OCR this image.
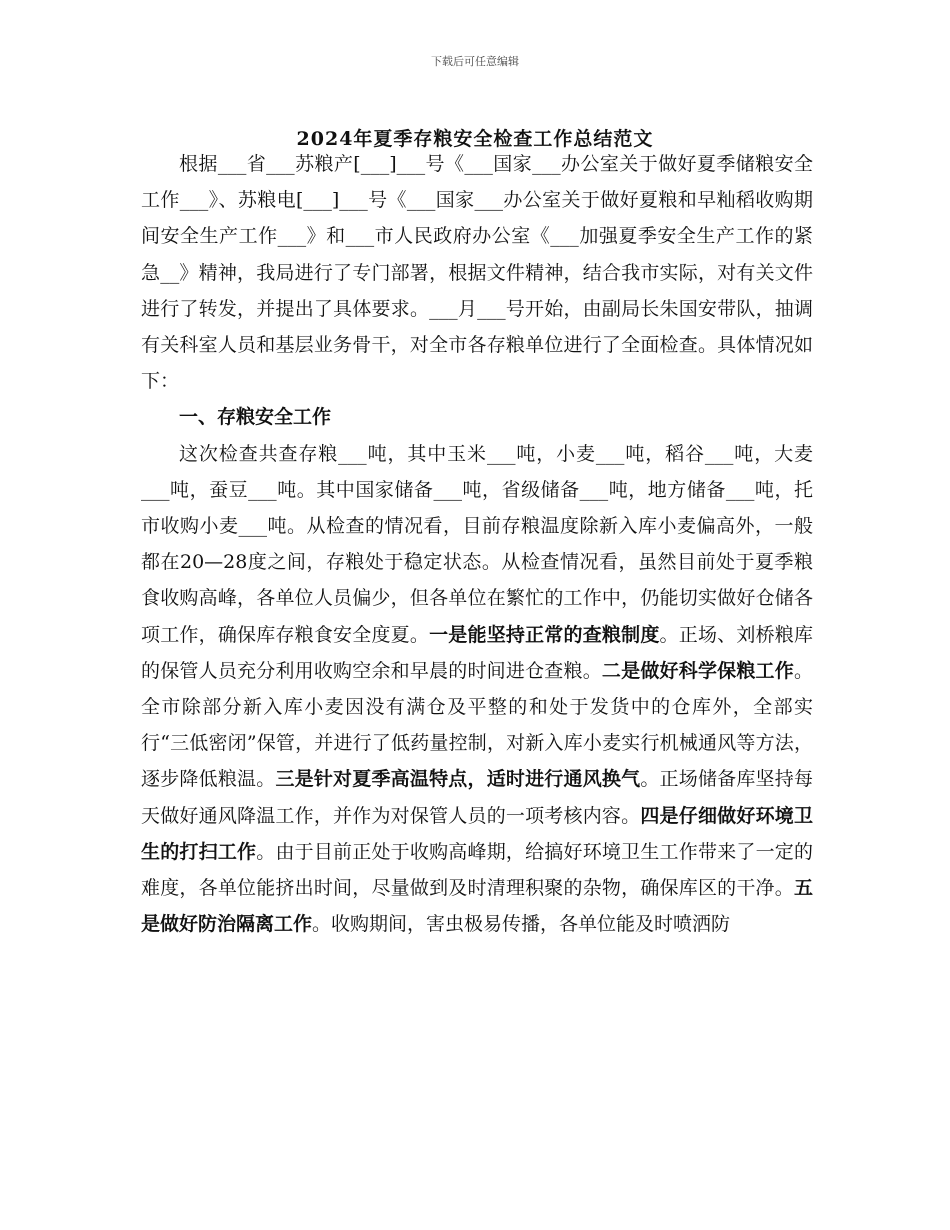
下载后可任意编辑
2024年夏季存粮安全检查工作总结范文

根据___省___苏粮产[___]___号《___国家___办公室关于做好夏季储粮安全工作___》、苏粮电[___]___号《___国家___办公室关于做好夏粮和早籼稻收购期间安全生产工作___》和___市人民政府办公室《___加强夏季安全生产工作的紧急__》精神，我局进行了专门部署，根据文件精神，结合我市实际，对有关文件进行了转发，并提出了具体要求。___月___号开始，由副局长朱国安带队，抽调有关科室人员和基层业务骨干，对全市各存粮单位进行了全面检查。具体情况如下：

一、存粮安全工作

这次检查共查存粮___吨，其中玉米___吨，小麦___吨，稻谷___吨，大麦___吨，蚕豆___吨。其中国家储备___吨，省级储备___吨，地方储备___吨，托市收购小麦___吨。从检查的情况看，目前存粮温度除新入库小麦偏高外，一般都在20—28度之间，存粮处于稳定状态。从检查情况看，虽然目前处于夏季粮食收购高峰，各单位人员偏少，但各单位在繁忙的工作中，仍能切实做好仓储各项工作，确保库存粮食安全度夏。一是能坚持正常的查粮制度。正场、刘桥粮库的保管人员充分利用收购空余和早晨的时间进仓查粮。二是做好科学保粮工作。全市除部分新入库小麦因没有满仓及平整的和处于发货中的仓库外，全部实行“三低密闭”保管，并进行了低药量控制，对新入库小麦实行机械通风等方法，逐步降低粮温。三是针对夏季高温特点，适时进行通风换气。正场储备库坚持每天做好通风降温工作，并作为对保管人员的一项考核内容。四是仔细做好环境卫生的打扫工作。由于目前正处于收购高峰期，给搞好环境卫生工作带来了一定的难度，各单位能挤出时间，尽量做到及时清理积聚的杂物，确保库区的干净。五是做好防治隔离工作。收购期间，害虫极易传播，各单位能及时喷洒防
